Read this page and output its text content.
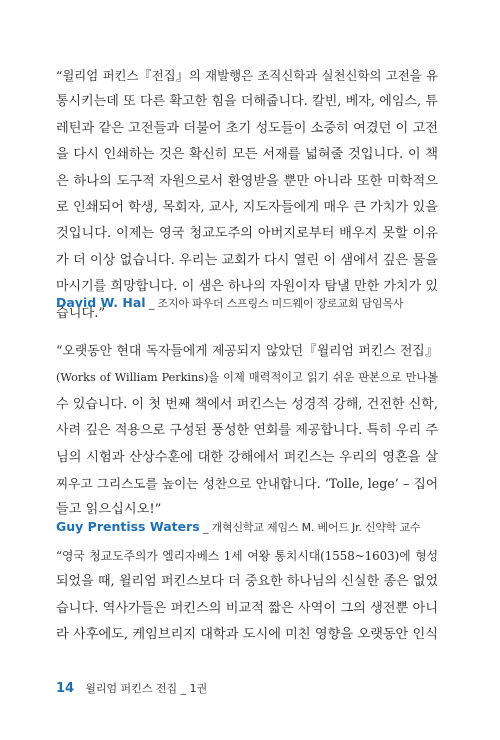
“윌리엄 퍼킨스『전집』의 재발행은 조직신학과 실천신학의 고전을 유
통시키는데 또 다른 확고한 힘을 더해줍니다. 칼빈, 베자, 에임스, 튜
레틴과 같은 고전들과 더불어 초기 성도들이 소중히 여겼던 이 고전
을 다시 인쇄하는 것은 확신히 모든 서재를 넓혀줄 것입니다. 이 책
은 하나의 도구적 자원으로서 환영받을 뿐만 아니라 또한 미학적으
로 인쇄되어 학생, 목회자, 교사, 지도자들에게 매우 큰 가치가 있을
것입니다. 이제는 영국 청교도주의 아버지로부터 배우지 못할 이유
가 더 이상 없습니다. 우리는 교회가 다시 열린 이 샘에서 깊은 물을
마시기를 희망합니다. 이 샘은 하나의 자원이자 탐낼 만한 가치가 있
습니다.”
David W. Hal _ 조지아 파우더 스프링스 미드웨이 장로교회 담임목사
“오랫동안 현대 독자들에게 제공되지 않았던『윌리엄 퍼킨스 전집』
(Works of William Perkins)을 이제 매력적이고 읽기 쉬운 판본으로 만나볼
수 있습니다. 이 첫 번째 책에서 퍼킨스는 성경적 강해, 건전한 신학,
사려 깊은 적용으로 구성된 풍성한 연회를 제공합니다. 특히 우리 주
님의 시험과 산상수훈에 대한 강해에서 퍼킨스는 우리의 영혼을 살
찌우고 그리스도를 높이는 성찬으로 안내합니다. ‘Tolle, lege’ – 집어
들고 읽으십시오!”
Guy Prentiss Waters _ 개혁신학교 제임스 M. 베어드 Jr. 신약학 교수
“영국 청교도주의가 엘리자베스 1세 여왕 통치시대(1558~1603)에 형성
되었을 때, 윌리엄 퍼킨스보다 더 중요한 하나님의 신실한 종은 없었
습니다. 역사가들은 퍼킨스의 비교적 짧은 사역이 그의 생전뿐 아니
라 사후에도, 케임브리지 대학과 도시에 미친 영향을 오랫동안 인식
14 윌리엄 퍼킨스 전집 _ 1권
